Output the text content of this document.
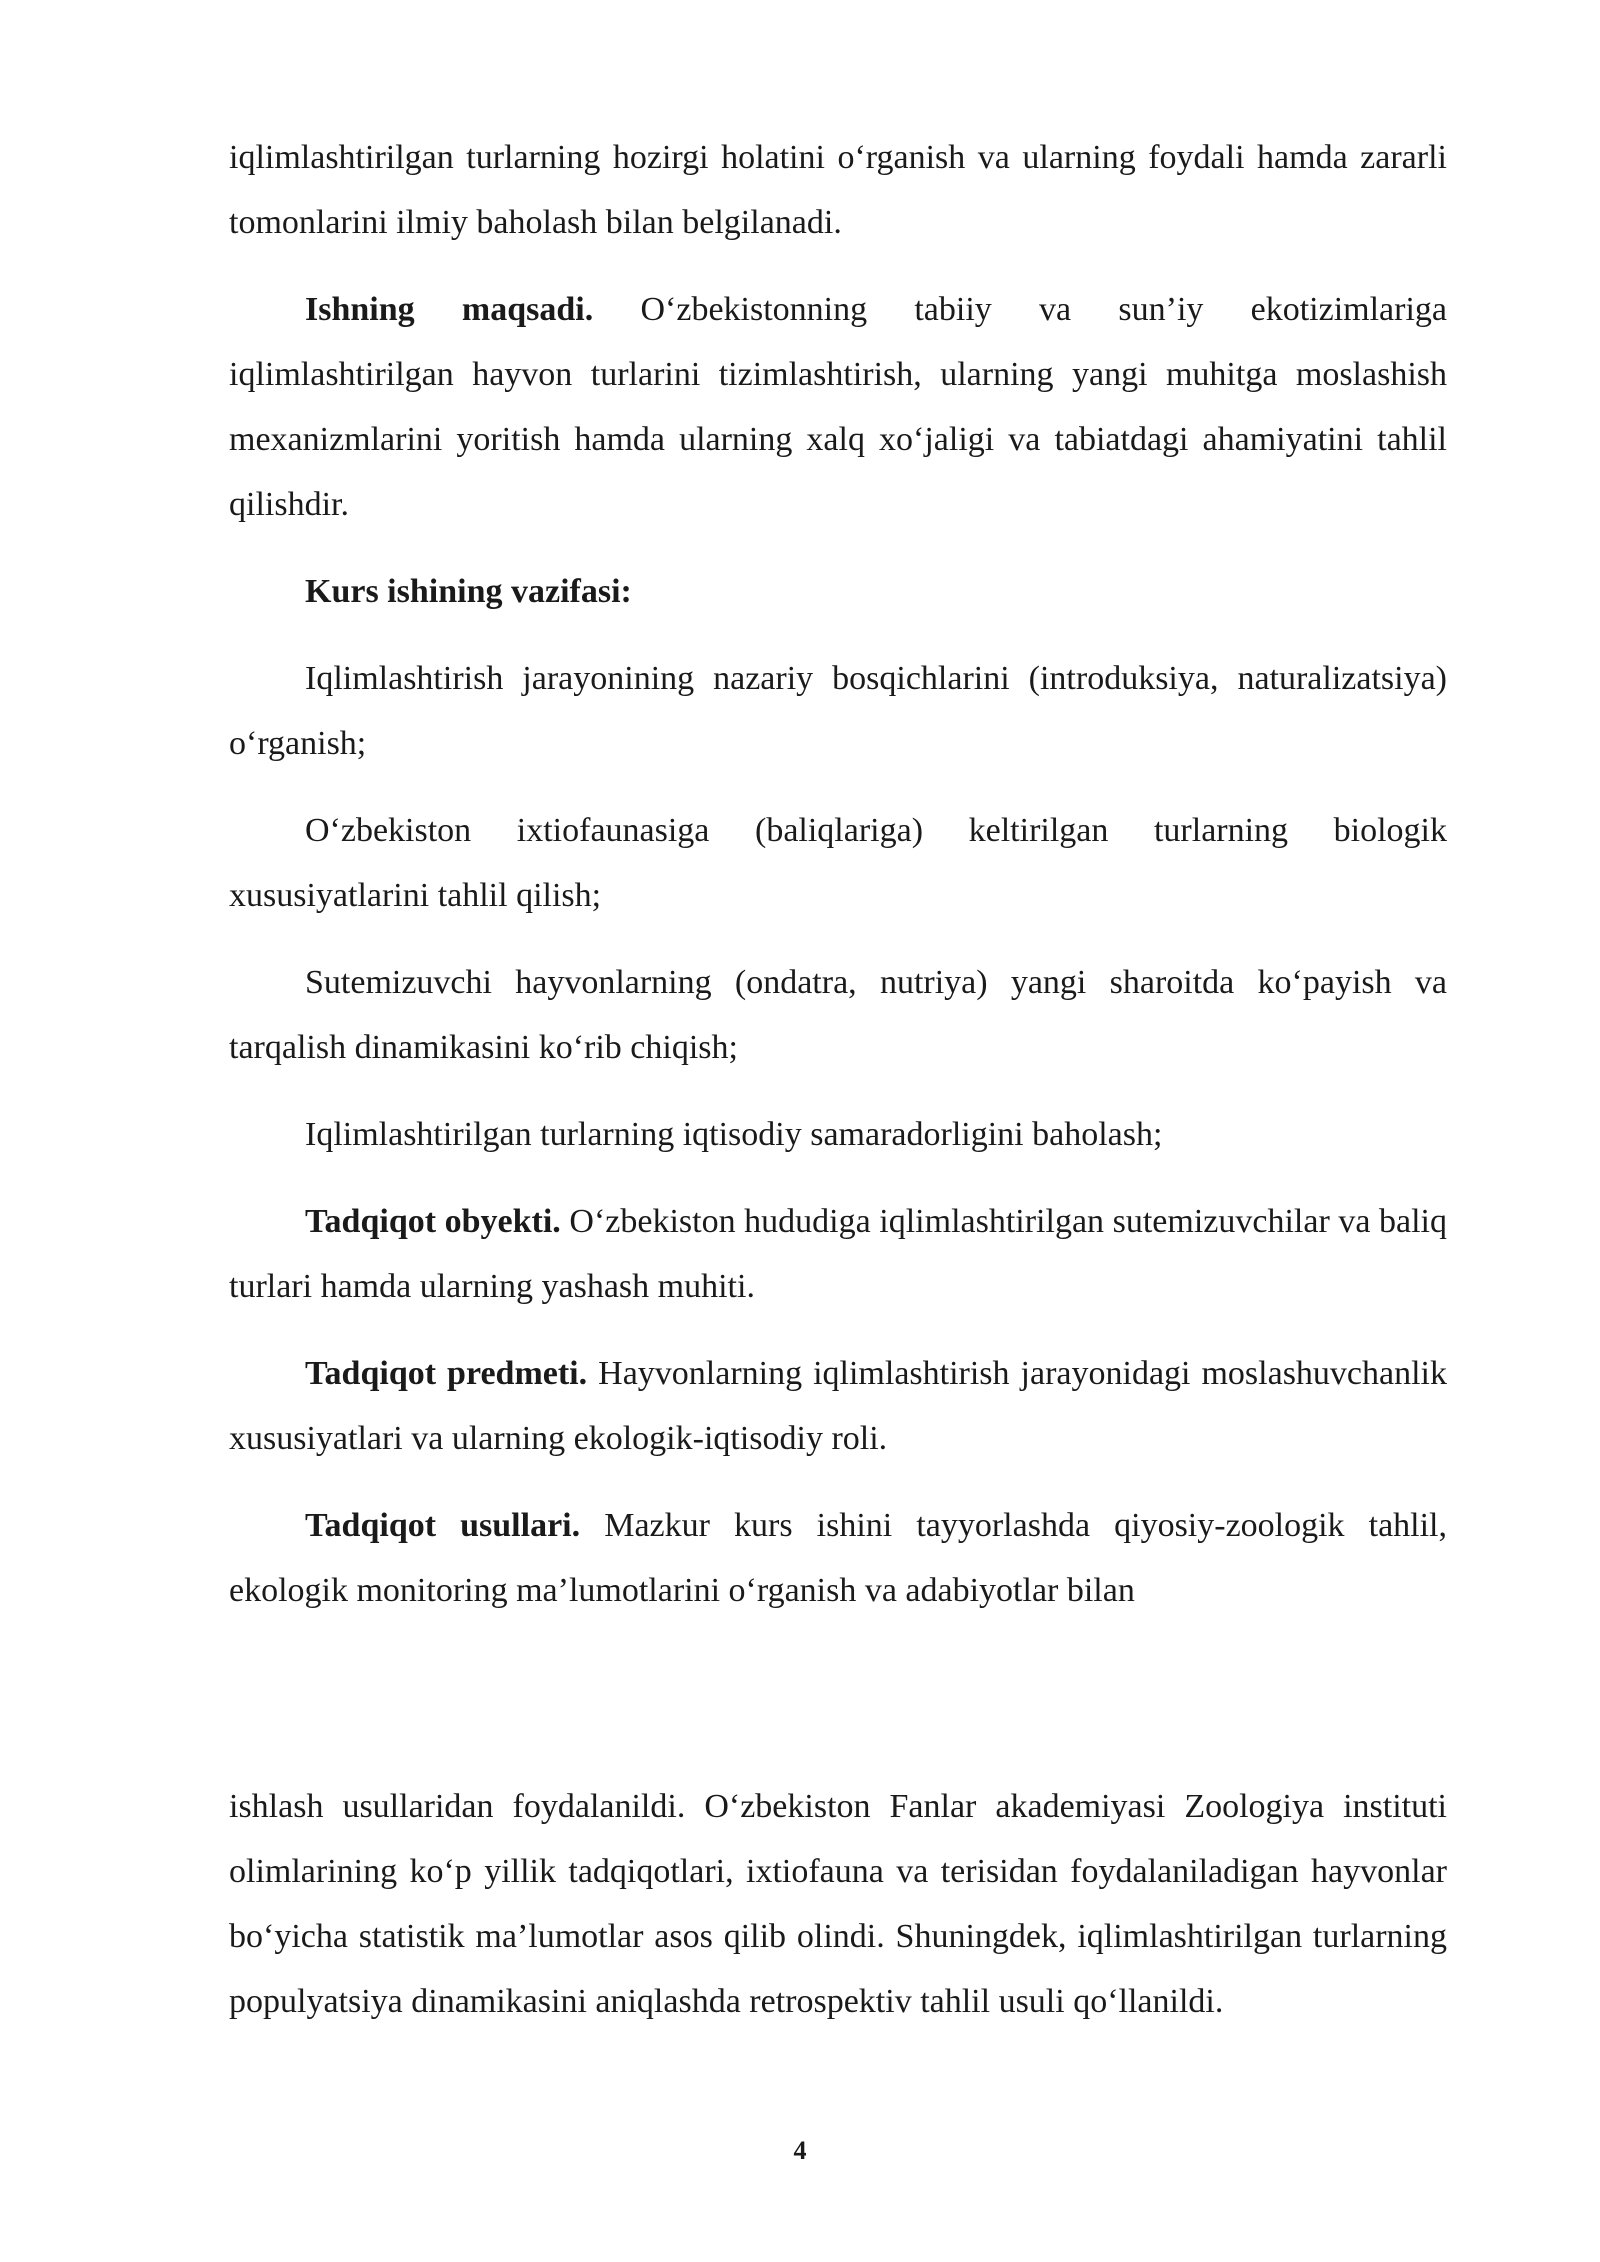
iqlimlashtirilgan turlarning hozirgi holatini o‘rganish va ularning foydali hamda zararli tomonlarini ilmiy baholash bilan belgilanadi.

Ishning maqsadi. O‘zbekistonning tabiiy va sun’iy ekotizimlariga iqlimlashtirilgan hayvon turlarini tizimlashtirish, ularning yangi muhitga moslashish mexanizmlarini yoritish hamda ularning xalq xo‘jaligi va tabiatdagi ahamiyatini tahlil qilishdir.

Kurs ishining vazifasi:

Iqlimlashtirish jarayonining nazariy bosqichlarini (introduksiya, naturalizatsiya) o‘rganish;

O‘zbekiston ixtiofaunasiga (baliqlariga) keltirilgan turlarning biologik xususiyatlarini tahlil qilish;

Sutemizuvchi hayvonlarning (ondatra, nutriya) yangi sharoitda ko‘payish va tarqalish dinamikasini ko‘rib chiqish;

Iqlimlashtirilgan turlarning iqtisodiy samaradorligini baholash;

Tadqiqot obyekti. O‘zbekiston hududiga iqlimlashtirilgan sutemizuvchilar va baliq turlari hamda ularning yashash muhiti.

Tadqiqot predmeti. Hayvonlarning iqlimlashtirish jarayonidagi moslashuvchanlik xususiyatlari va ularning ekologik-iqtisodiy roli.

Tadqiqot usullari. Mazkur kurs ishini tayyorlashda qiyosiy-zoologik tahlil, ekologik monitoring ma’lumotlarini o‘rganish va adabiyotlar bilan

ishlash usullaridan foydalanildi. O‘zbekiston Fanlar akademiyasi Zoologiya instituti olimlarining ko‘p yillik tadqiqotlari, ixtiofauna va terisidan foydalaniladigan hayvonlar bo‘yicha statistik ma’lumotlar asos qilib olindi. Shuningdek, iqlimlashtirilgan turlarning populyatsiya dinamikasini aniqlashda retrospektiv tahlil usuli qo‘llanildi.

4
